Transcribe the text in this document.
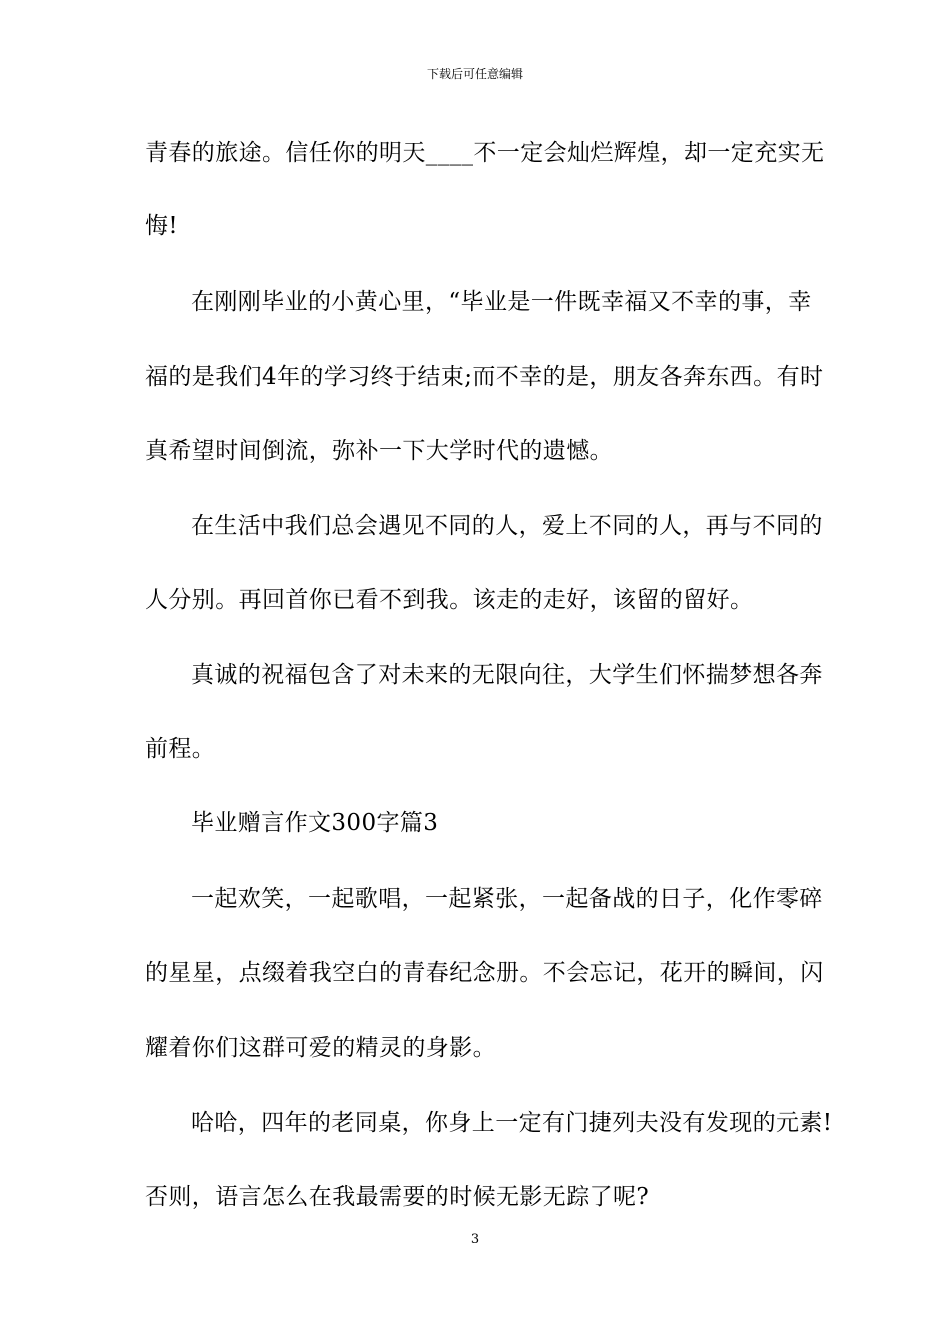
下载后可任意编辑
青春的旅途。信任你的明天____不一定会灿烂辉煌，却一定充实无
悔!
在刚刚毕业的小黄心里，“毕业是一件既幸福又不幸的事，幸
福的是我们4年的学习终于结束;而不幸的是，朋友各奔东西。有时
真希望时间倒流，弥补一下大学时代的遗憾。
在生活中我们总会遇见不同的人，爱上不同的人，再与不同的
人分别。再回首你已看不到我。该走的走好，该留的留好。
真诚的祝福包含了对未来的无限向往，大学生们怀揣梦想各奔
前程。
毕业赠言作文300字篇3
一起欢笑，一起歌唱，一起紧张，一起备战的日子，化作零碎
的星星，点缀着我空白的青春纪念册。不会忘记，花开的瞬间，闪
耀着你们这群可爱的精灵的身影。
哈哈，四年的老同桌，你身上一定有门捷列夫没有发现的元素!
否则，语言怎么在我最需要的时候无影无踪了呢?
3
